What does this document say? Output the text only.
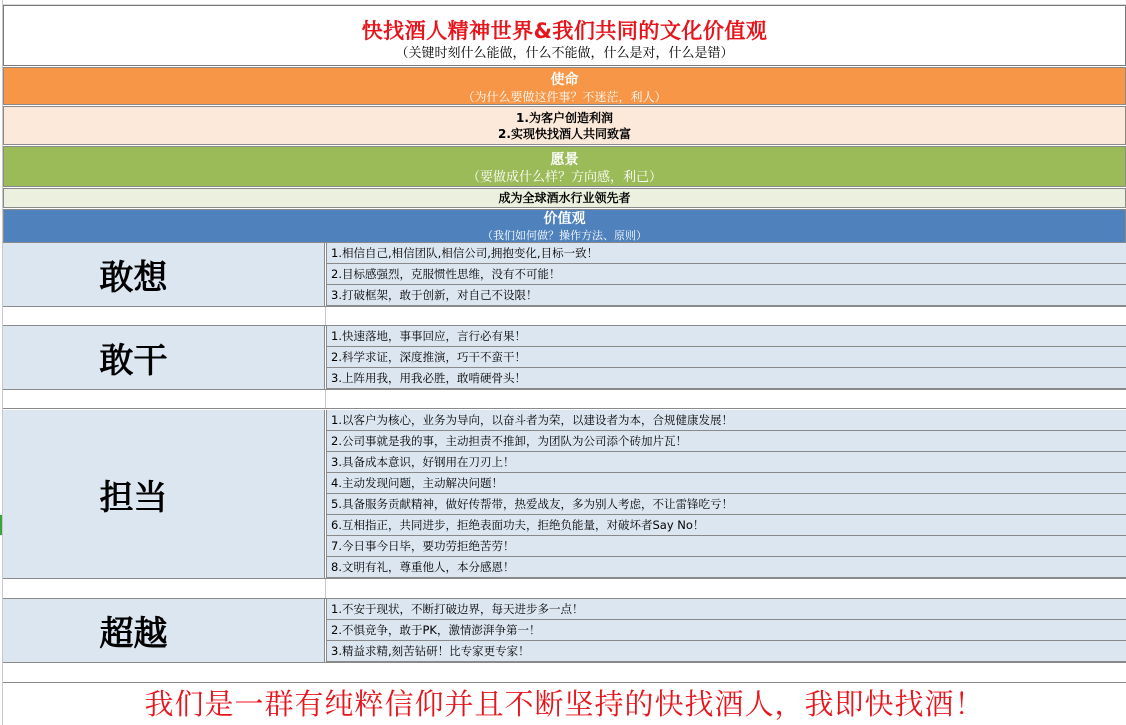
快找酒人精神世界&我们共同的文化价值观
（关键时刻什么能做，什么不能做，什么是对，什么是错）
使命
（为什么要做这件事？不迷茫，利人）
1.为客户创造利润
2.实现快找酒人共同致富
愿景
（要做成什么样？方向感，利己）
成为全球酒水行业领先者
价值观
（我们如何做？操作方法、原则）
敢想
1.相信自己,相信团队,相信公司,拥抱变化,目标一致！
2.目标感强烈，克服惯性思维，没有不可能！
3.打破框架，敢于创新，对自己不设限！
敢干
1.快速落地，事事回应，言行必有果！
2.科学求证，深度推演，巧干不蛮干！
3.上阵用我，用我必胜，敢啃硬骨头！
担当
1.以客户为核心，业务为导向，以奋斗者为荣，以建设者为本，合规健康发展！
2.公司事就是我的事，主动担责不推卸，为团队为公司添个砖加片瓦！
3.具备成本意识，好钢用在刀刃上！
4.主动发现问题，主动解决问题！
5.具备服务贡献精神，做好传帮带，热爱战友，多为别人考虑，不让雷锋吃亏！
6.互相指正，共同进步，拒绝表面功夫，拒绝负能量，对破坏者Say No！
7.今日事今日毕，要功劳拒绝苦劳！
8.文明有礼，尊重他人，本分感恩！
超越
1.不安于现状，不断打破边界，每天进步多一点！
2.不惧竞争，敢于PK，激情澎湃争第一！
3.精益求精,刻苦钻研！比专家更专家！
我们是一群有纯粹信仰并且不断坚持的快找酒人，我即快找酒！
